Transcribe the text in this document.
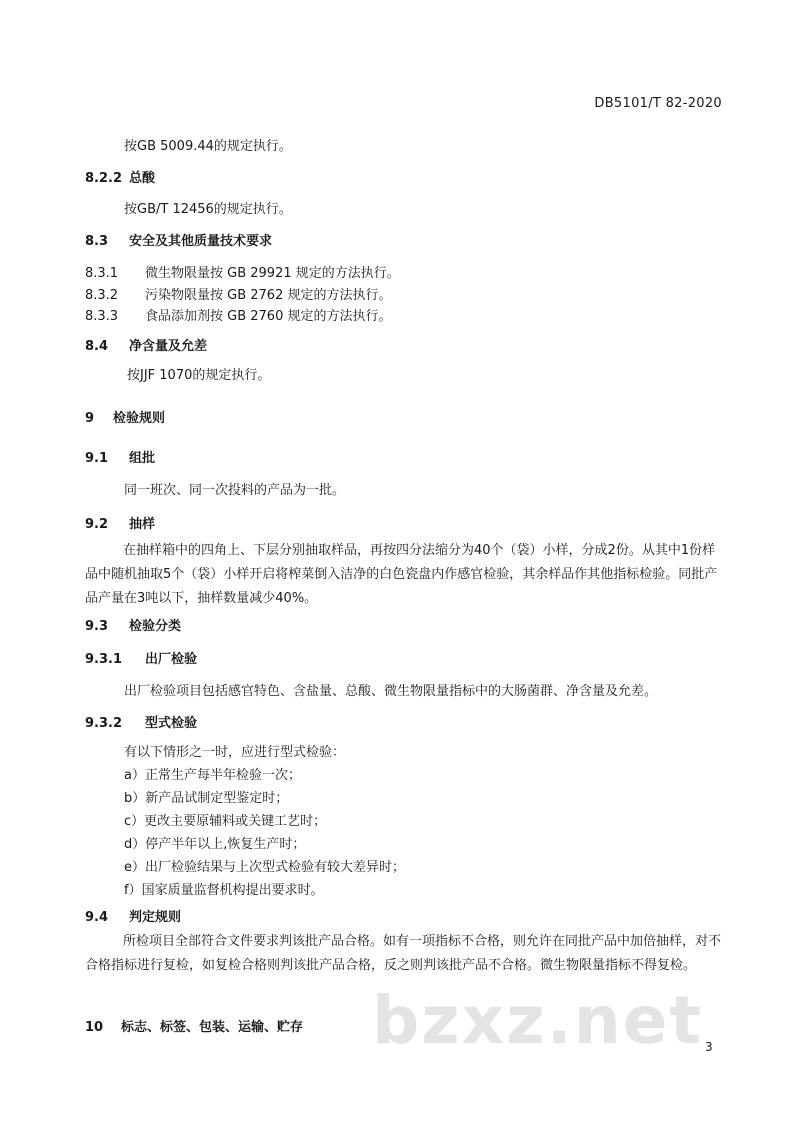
DB5101/T 82-2020
按GB 5009.44的规定执行。
8.2.2 总酸
按GB/T 12456的规定执行。
8.3 安全及其他质量技术要求
8.3.1 微生物限量按 GB 29921 规定的方法执行。
8.3.2 污染物限量按 GB 2762 规定的方法执行。
8.3.3 食品添加剂按 GB 2760 规定的方法执行。
8.4 净含量及允差
按JJF 1070的规定执行。
9 检验规则
9.1 组批
同一班次、同一次投料的产品为一批。
9.2 抽样
在抽样箱中的四角上、下层分别抽取样品，再按四分法缩分为40个（袋）小样，分成2份。从其中1份样品中随机抽取5个（袋）小样开启将榨菜倒入洁净的白色瓷盘内作感官检验，其余样品作其他指标检验。同批产品产量在3吨以下，抽样数量减少40%。
9.3 检验分类
9.3.1 出厂检验
出厂检验项目包括感官特色、含盐量、总酸、微生物限量指标中的大肠菌群、净含量及允差。
9.3.2 型式检验
有以下情形之一时，应进行型式检验：
a）正常生产每半年检验一次；
b）新产品试制定型鉴定时；
c）更改主要原辅料或关键工艺时；
d）停产半年以上,恢复生产时；
e）出厂检验结果与上次型式检验有较大差异时；
f）国家质量监督机构提出要求时。
9.4 判定规则
所检项目全部符合文件要求判该批产品合格。如有一项指标不合格，则允许在同批产品中加倍抽样，对不合格指标进行复检，如复检合格则判该批产品合格，反之则判该批产品不合格。微生物限量指标不得复检。
bzxz.net
10 标志、标签、包装、运输、贮存
3
